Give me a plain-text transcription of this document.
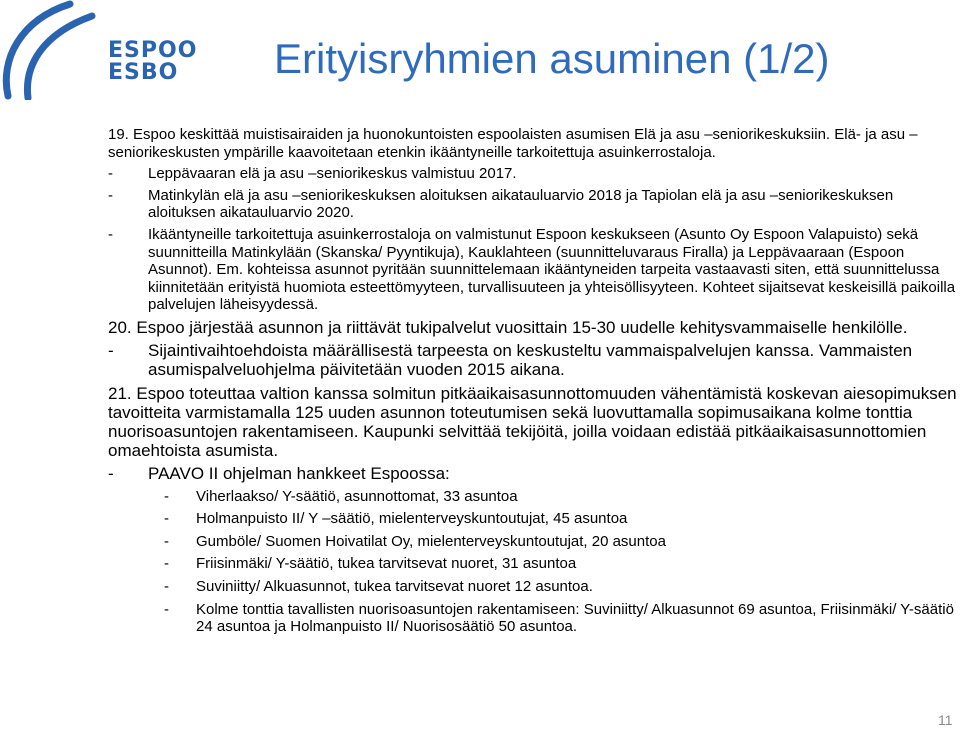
ESPOO
ESBO	Erityisryhmien asuminen (1/2)

19. Espoo keskittää muistisairaiden ja huonokuntoisten espoolaisten asumisen Elä ja asu –seniorikeskuksiin. Elä- ja asu –seniorikeskusten ympärille kaavoitetaan etenkin ikääntyneille tarkoitettuja asuinkerrostaloja.

-	Leppävaaran elä ja asu –seniorikeskus valmistuu 2017.
-	Matinkylän elä ja asu –seniorikeskuksen aloituksen aikatauluarvio 2018 ja Tapiolan elä ja asu –seniorikeskuksen aloituksen aikatauluarvio 2020.
-	Ikääntyneille tarkoitettuja asuinkerrostaloja on valmistunut Espoon keskukseen (Asunto Oy Espoon Valapuisto) sekä suunnitteilla Matinkylään (Skanska/ Pyyntikuja), Kauklahteen (suunnitteluvaraus Firalla) ja Leppävaaraan (Espoon Asunnot). Em. kohteissa asunnot pyritään suunnittelemaan ikääntyneiden tarpeita vastaavasti siten, että suunnittelussa kiinnitetään erityistä huomiota esteettömyyteen, turvallisuuteen ja yhteisöllisyyteen. Kohteet sijaitsevat keskeisillä paikoilla palvelujen läheisyydessä.

20. Espoo järjestää asunnon ja riittävät tukipalvelut vuosittain 15-30 uudelle kehitysvammaiselle henkilölle.

-	Sijaintivaihtoehdoista määrällisestä tarpeesta on keskusteltu vammaispalvelujen kanssa. Vammaisten asumispalveluohjelma päivitetään vuoden 2015 aikana.

21. Espoo toteuttaa valtion kanssa solmitun pitkäaikaisasunnottomuuden vähentämistä koskevan aiesopimuksen tavoitteita varmistamalla 125 uuden asunnon toteutumisen sekä luovuttamalla sopimusaikana kolme tonttia nuorisoasuntojen rakentamiseen. Kaupunki selvittää tekijöitä, joilla voidaan edistää pitkäaikaisasunnottomien omaehtoista asumista.

-	PAAVO II ohjelman hankkeet Espoossa:
-	Viherlaakso/ Y-säätiö, asunnottomat, 33 asuntoa
-	Holmanpuisto II/ Y –säätiö, mielenterveyskuntoutujat, 45 asuntoa
-	Gumböle/ Suomen Hoivatilat Oy, mielenterveyskuntoutujat, 20 asuntoa
-	Friisinmäki/ Y-säätiö, tukea tarvitsevat nuoret, 31 asuntoa
-	Suviniitty/ Alkuasunnot, tukea tarvitsevat nuoret 12 asuntoa.
-	Kolme tonttia tavallisten nuorisoasuntojen rakentamiseen: Suviniitty/ Alkuasunnot 69 asuntoa, Friisinmäki/ Y-säätiö 24 asuntoa ja Holmanpuisto II/ Nuorisosäätiö 50 asuntoa.
11
